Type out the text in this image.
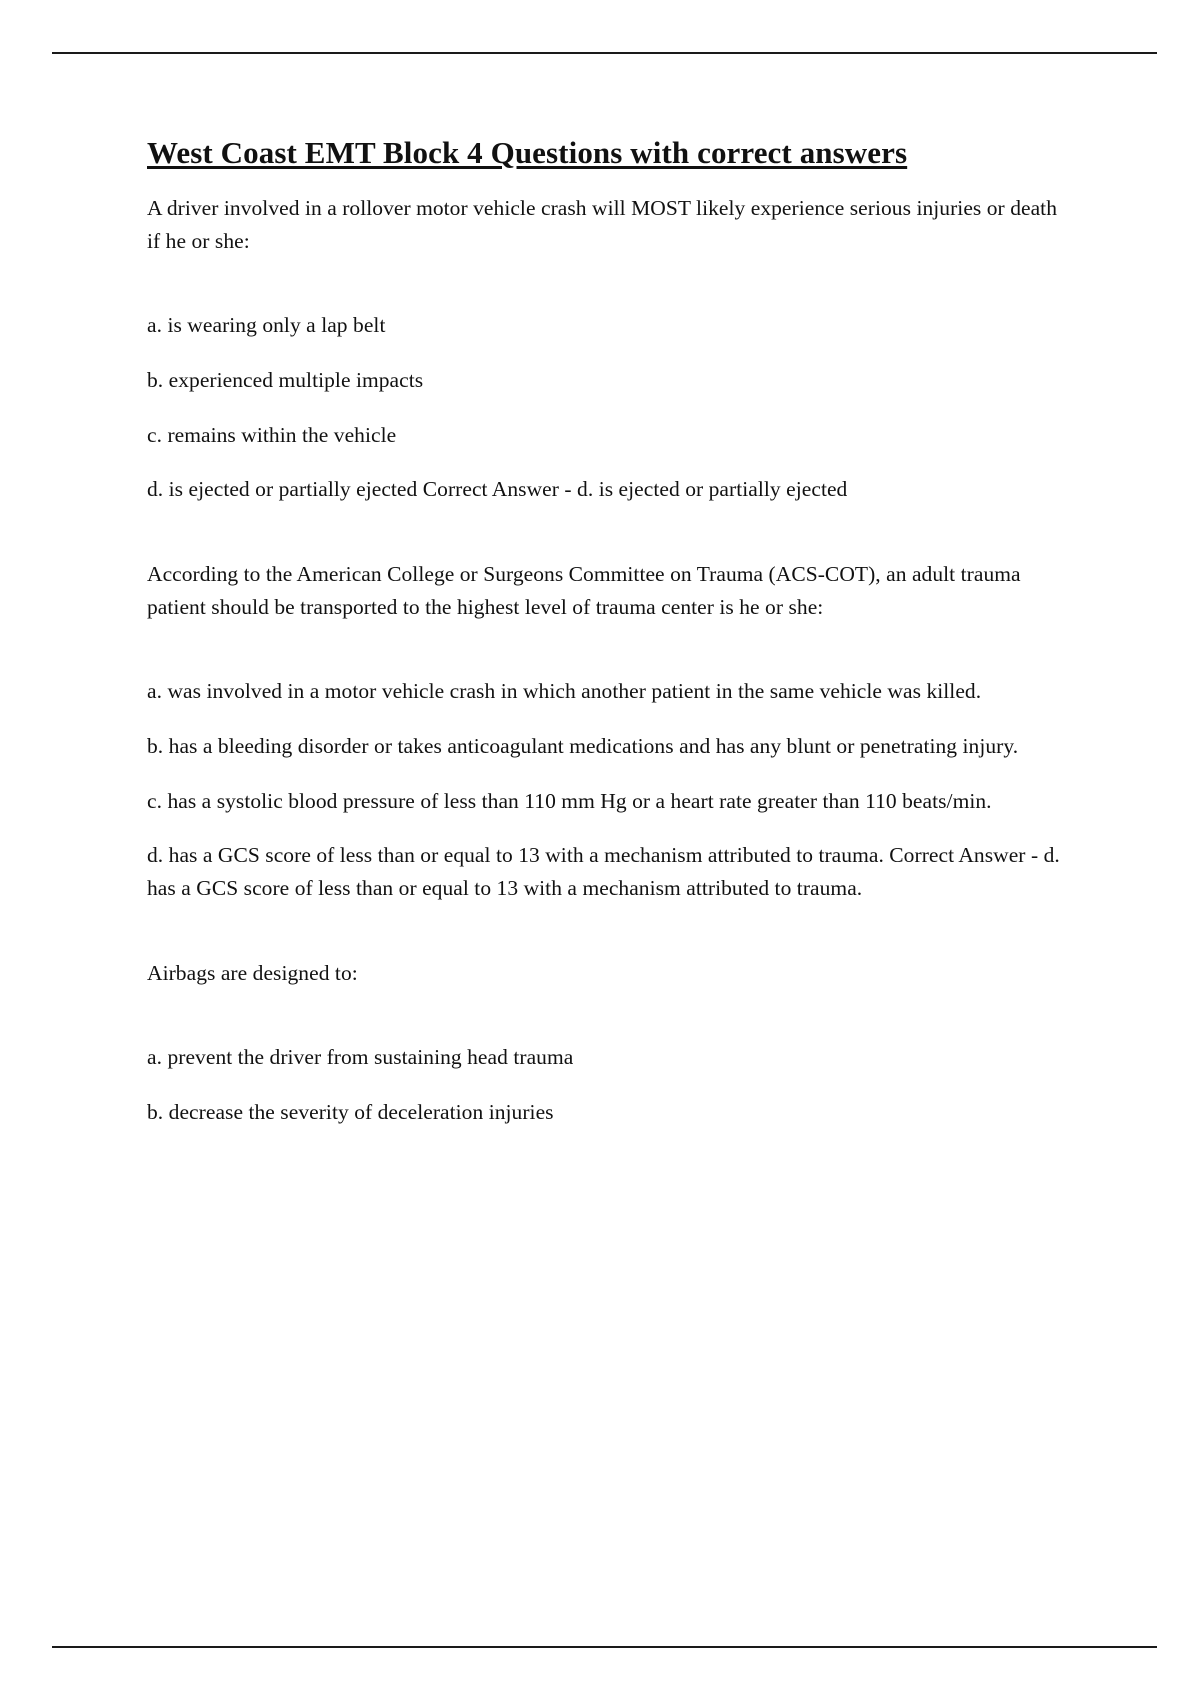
West Coast EMT Block 4 Questions with correct answers

A driver involved in a rollover motor vehicle crash will MOST likely experience serious injuries or death if he or she:

a. is wearing only a lap belt

b. experienced multiple impacts

c. remains within the vehicle

d. is ejected or partially ejected Correct Answer - d. is ejected or partially ejected

According to the American College or Surgeons Committee on Trauma (ACS-COT), an adult trauma patient should be transported to the highest level of trauma center is he or she:

a. was involved in a motor vehicle crash in which another patient in the same vehicle was killed.

b. has a bleeding disorder or takes anticoagulant medications and has any blunt or penetrating injury.

c. has a systolic blood pressure of less than 110 mm Hg or a heart rate greater than 110 beats/min.

d. has a GCS score of less than or equal to 13 with a mechanism attributed to trauma. Correct Answer - d. has a GCS score of less than or equal to 13 with a mechanism attributed to trauma.

Airbags are designed to:

a. prevent the driver from sustaining head trauma

b. decrease the severity of deceleration injuries
